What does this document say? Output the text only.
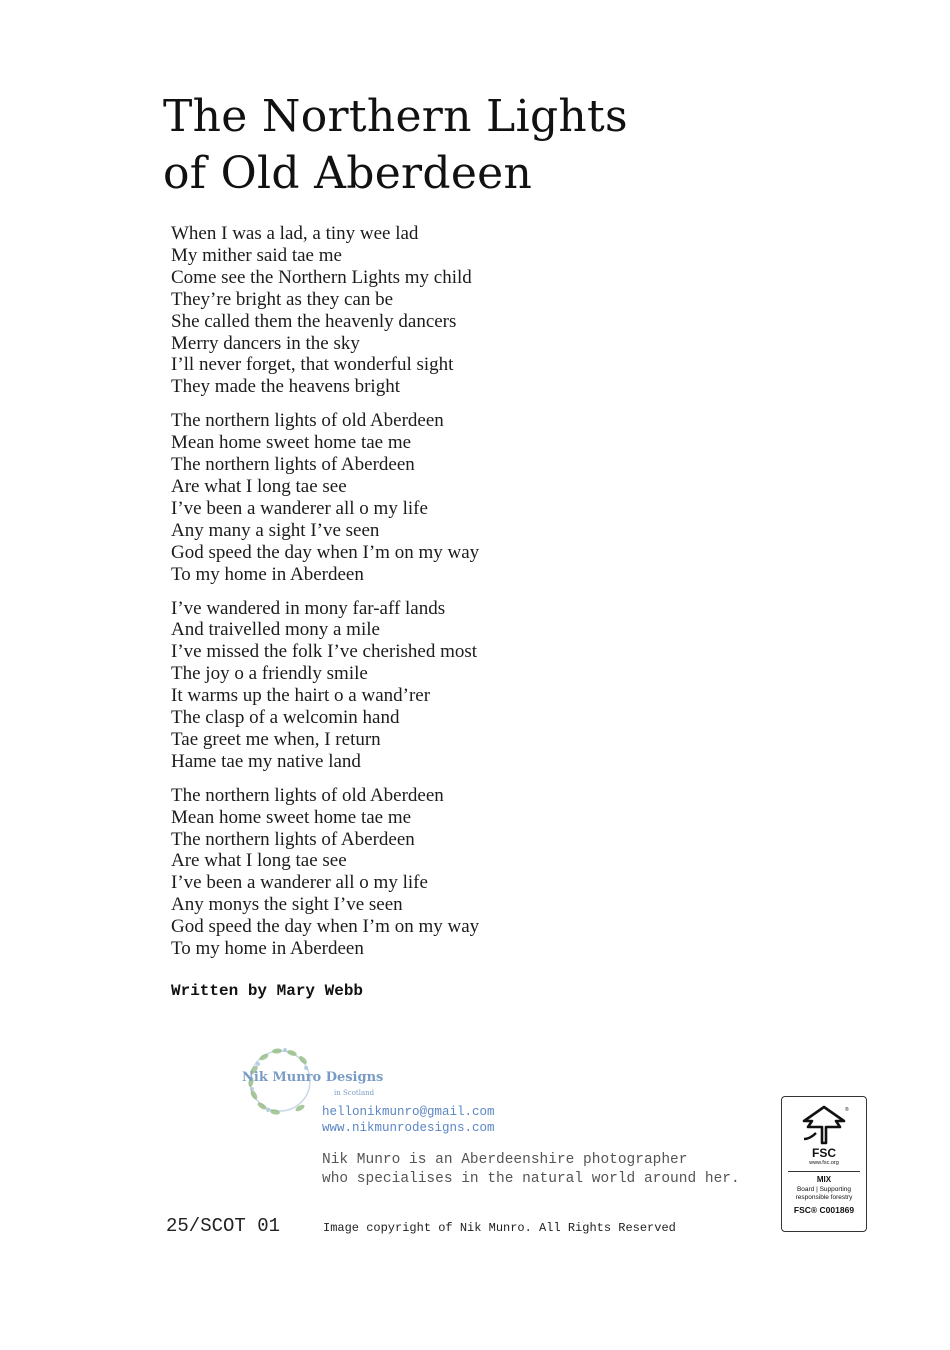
The Northern Lights
of Old Aberdeen
When I was a lad, a tiny wee lad
My mither said tae me
Come see the Northern Lights my child
They’re bright as they can be
She called them the heavenly dancers
Merry dancers in the sky
I’ll never forget, that wonderful sight
They made the heavens bright
The northern lights of old Aberdeen
Mean home sweet home tae me
The northern lights of Aberdeen
Are what I long tae see
I’ve been a wanderer all o my life
Any many a sight I’ve seen
God speed the day when I’m on my way
To my home in Aberdeen
I’ve wandered in mony far-aff lands
And traivelled mony a mile
I’ve missed the folk I’ve cherished most
The joy o a friendly smile
It warms up the hairt o a wand’rer
The clasp of a welcomin hand
Tae greet me when, I return
Hame tae my native land
The northern lights of old Aberdeen
Mean home sweet home tae me
The northern lights of Aberdeen
Are what I long tae see
I’ve been a wanderer all o my life
Any monys the sight I’ve seen
God speed the day when I’m on my way
To my home in Aberdeen
Written by Mary Webb
Nik Munro Designs
in Scotland
hellonikmunro@gmail.com
www.nikmunrodesigns.com
Nik Munro is an Aberdeenshire photographer
who specialises in the natural world around her.
25/SCOT 01	Image copyright of Nik Munro. All Rights Reserved
®
FSC
www.fsc.org
MIX
Board | Supporting responsible forestry
FSC® C001869
